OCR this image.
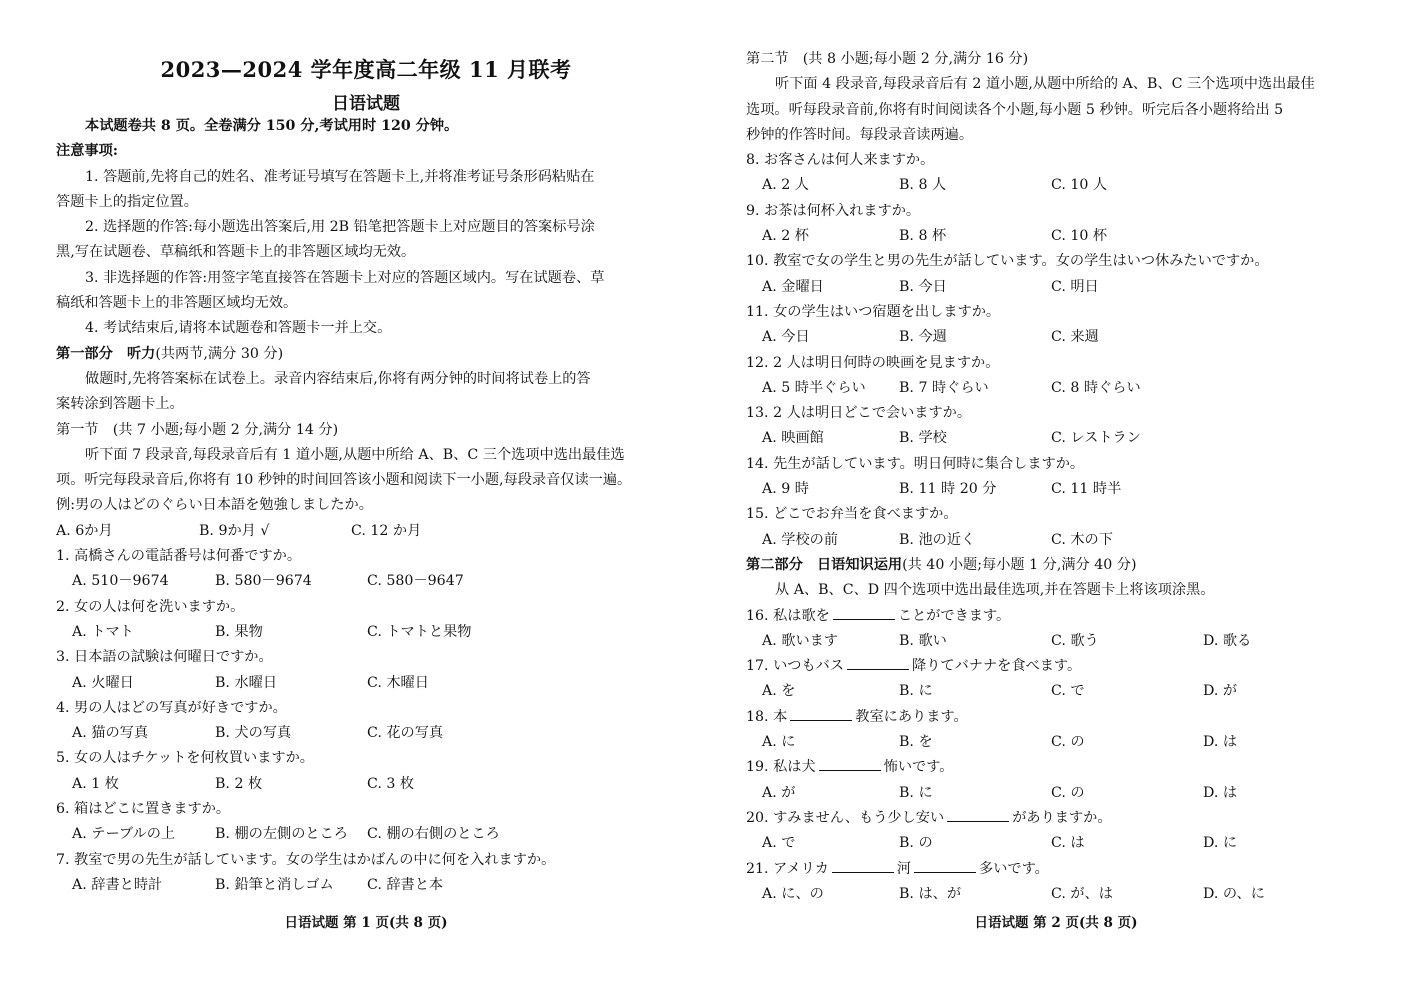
2023—2024 学年度高二年级 11 月联考
日语试题
本试题卷共 8 页。全卷满分 150 分,考试用时 120 分钟。
注意事项:
1. 答题前,先将自己的姓名、准考证号填写在答题卡上,并将准考证号条形码粘贴在
答题卡上的指定位置。
2. 选择题的作答:每小题选出答案后,用 2B 铅笔把答题卡上对应题目的答案标号涂
黑,写在试题卷、草稿纸和答题卡上的非答题区域均无效。
3. 非选择题的作答:用签字笔直接答在答题卡上对应的答题区域内。写在试题卷、草
稿纸和答题卡上的非答题区域均无效。
4. 考试结束后,请将本试题卷和答题卡一并上交。
第一部分　听力(共两节,满分 30 分)
做题时,先将答案标在试卷上。录音内容结束后,你将有两分钟的时间将试卷上的答
案转涂到答题卡上。
第一节　(共 7 小题;每小题 2 分,满分 14 分)
听下面 7 段录音,每段录音后有 1 道小题,从题中所给 A、B、C 三个选项中选出最佳选
项。听完每段录音后,你将有 10 秒钟的时间回答该小题和阅读下一小题,每段录音仅读一遍。
例:男の人はどのぐらい日本語を勉強しましたか。
A. 6か月	B. 9か月 √	C. 12 か月
1. 高橋さんの電話番号は何番ですか。
A. 510－9674	B. 580－9674	C. 580－9647
2. 女の人は何を洗いますか。
A. トマト	B. 果物	C. トマトと果物
3. 日本語の試験は何曜日ですか。
A. 火曜日	B. 水曜日	C. 木曜日
4. 男の人はどの写真が好きですか。
A. 猫の写真	B. 犬の写真	C. 花の写真
5. 女の人はチケットを何枚買いますか。
A. 1 枚	B. 2 枚	C. 3 枚
6. 箱はどこに置きますか。
A. テーブルの上	B. 棚の左側のところ C. 棚の右側のところ
7. 教室で男の先生が話しています。女の学生はかばんの中に何を入れますか。
A. 辞書と時計	B. 鉛筆と消しゴム C. 辞書と本
日语试题 第 1 页(共 8 页)
第二节　(共 8 小题;每小题 2 分,满分 16 分)
听下面 4 段录音,每段录音后有 2 道小题,从题中所给的 A、B、C 三个选项中选出最佳
选项。听每段录音前,你将有时间阅读各个小题,每小题 5 秒钟。听完后各小题将给出 5
秒钟的作答时间。每段录音读两遍。
8. お客さんは何人来ますか。
A. 2 人	B. 8 人	C. 10 人
9. お茶は何杯入れますか。
A. 2 杯	B. 8 杯	C. 10 杯
10. 教室で女の学生と男の先生が話しています。女の学生はいつ休みたいですか。
A. 金曜日	B. 今日	C. 明日
11. 女の学生はいつ宿題を出しますか。
A. 今日	B. 今週	C. 来週
12. 2 人は明日何時の映画を見ますか。
A. 5 時半ぐらい B. 7 時ぐらい	C. 8 時ぐらい
13. 2 人は明日どこで会いますか。
A. 映画館	B. 学校	C. レストラン
14. 先生が話しています。明日何時に集合しますか。
A. 9 時	B. 11 時 20 分	C. 11 時半
15. どこでお弁当を食べますか。
A. 学校の前	B. 池の近く	C. 木の下
第二部分　日语知识运用(共 40 小题;每小题 1 分,满分 40 分)
从 A、B、C、D 四个选项中选出最佳选项,并在答题卡上将该项涂黑。
16. 私は歌を	ことができます。
A. 歌います	B. 歌い	C. 歌う	D. 歌る
17. いつもバス	降りてバナナを食べます。
A. を	B. に	C. で	D. が
18. 本	教室にあります。
A. に	B. を	C. の	D. は
19. 私は犬	怖いです。
A. が	B. に	C. の	D. は
20. すみません、もう少し安い	がありますか。
A. で	B. の	C. は	D. に
21. アメリカ	河	多いです。
A. に、の	B. は、が	C. が、は	D. の、に
日语试题 第 2 页(共 8 页)
